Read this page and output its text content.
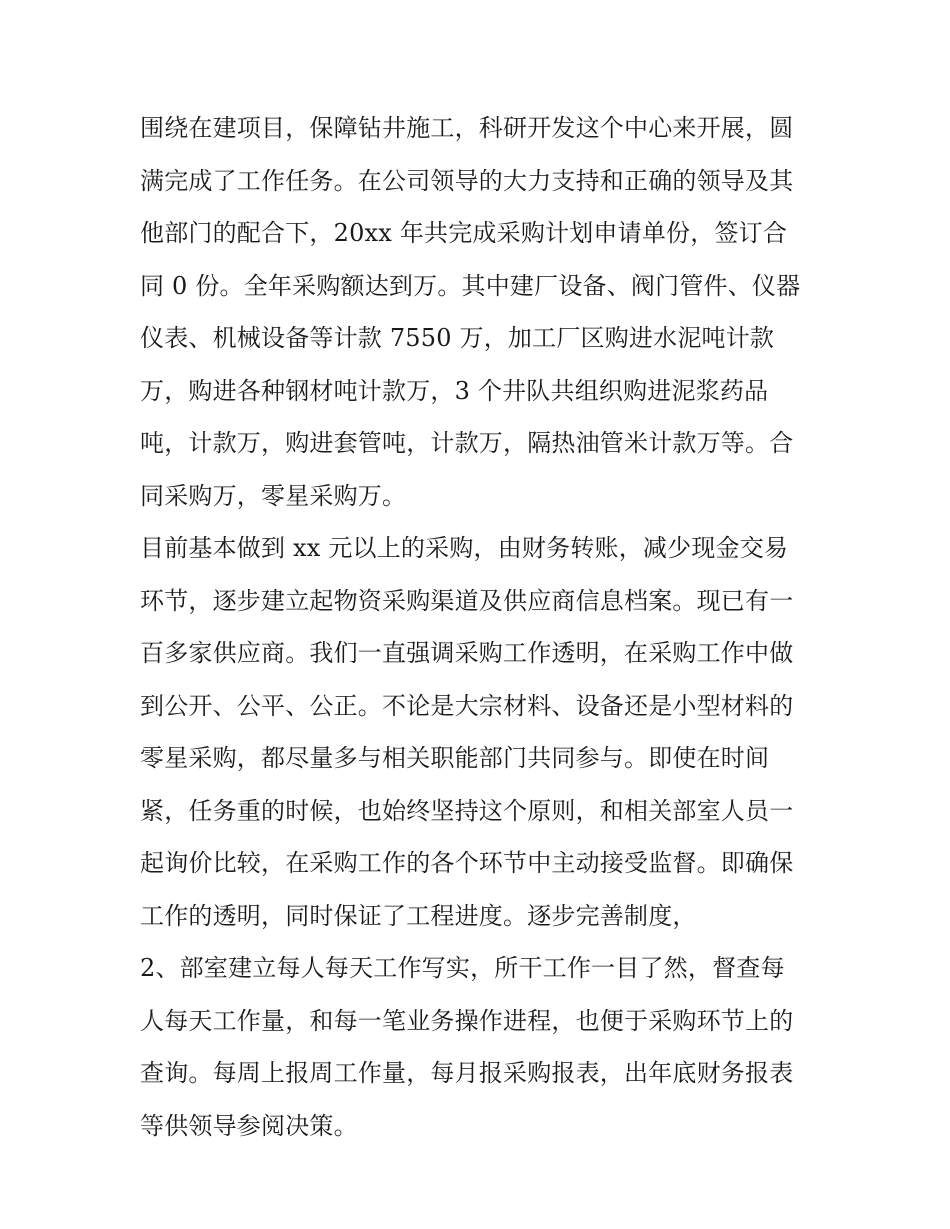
围绕在建项目，保障钻井施工，科研开发这个中心来开展，圆
满完成了工作任务。在公司领导的大力支持和正确的领导及其
他部门的配合下，20xx 年共完成采购计划申请单份，签订合
同 0 份。全年采购额达到万。其中建厂设备、阀门管件、仪器
仪表、机械设备等计款 7550 万，加工厂区购进水泥吨计款
万，购进各种钢材吨计款万，3 个井队共组织购进泥浆药品
吨，计款万，购进套管吨，计款万，隔热油管米计款万等。合
同采购万，零星采购万。
目前基本做到 xx 元以上的采购，由财务转账，减少现金交易
环节，逐步建立起物资采购渠道及供应商信息档案。现已有一
百多家供应商。我们一直强调采购工作透明，在采购工作中做
到公开、公平、公正。不论是大宗材料、设备还是小型材料的
零星采购，都尽量多与相关职能部门共同参与。即使在时间
紧，任务重的时候，也始终坚持这个原则，和相关部室人员一
起询价比较，在采购工作的各个环节中主动接受监督。即确保
工作的透明，同时保证了工程进度。逐步完善制度，
2、部室建立每人每天工作写实，所干工作一目了然，督查每
人每天工作量，和每一笔业务操作进程，也便于采购环节上的
查询。每周上报周工作量，每月报采购报表，出年底财务报表
等供领导参阅决策。
